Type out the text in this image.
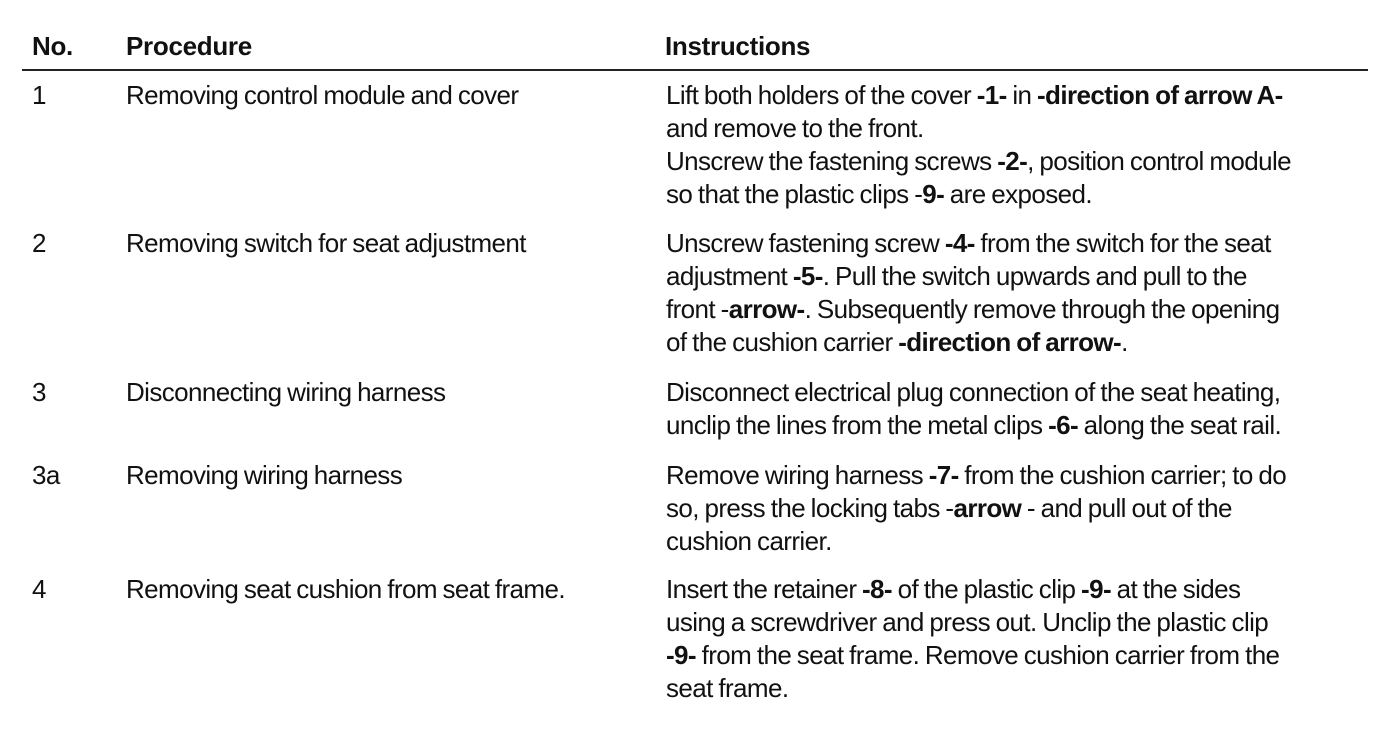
No. Procedure	Instructions
1	Removing control module and cover	Lift both holders of the cover -1- in -direction of arrow A-
and remove to the front.
Unscrew the fastening screws -2-, position control module
so that the plastic clips -9- are exposed.
2	Removing switch for seat adjustment	Unscrew fastening screw -4- from the switch for the seat
adjustment -5-. Pull the switch upwards and pull to the
front -arrow-. Subsequently remove through the opening
of the cushion carrier -direction of arrow-.
3	Disconnecting wiring harness	Disconnect electrical plug connection of the seat heating,
unclip the lines from the metal clips -6- along the seat rail.
3a	Removing wiring harness	Remove wiring harness -7- from the cushion carrier; to do
so, press the locking tabs -arrow - and pull out of the
cushion carrier.
4	Removing seat cushion from seat frame.	Insert the retainer -8- of the plastic clip -9- at the sides
using a screwdriver and press out. Unclip the plastic clip
-9- from the seat frame. Remove cushion carrier from the
seat frame.
